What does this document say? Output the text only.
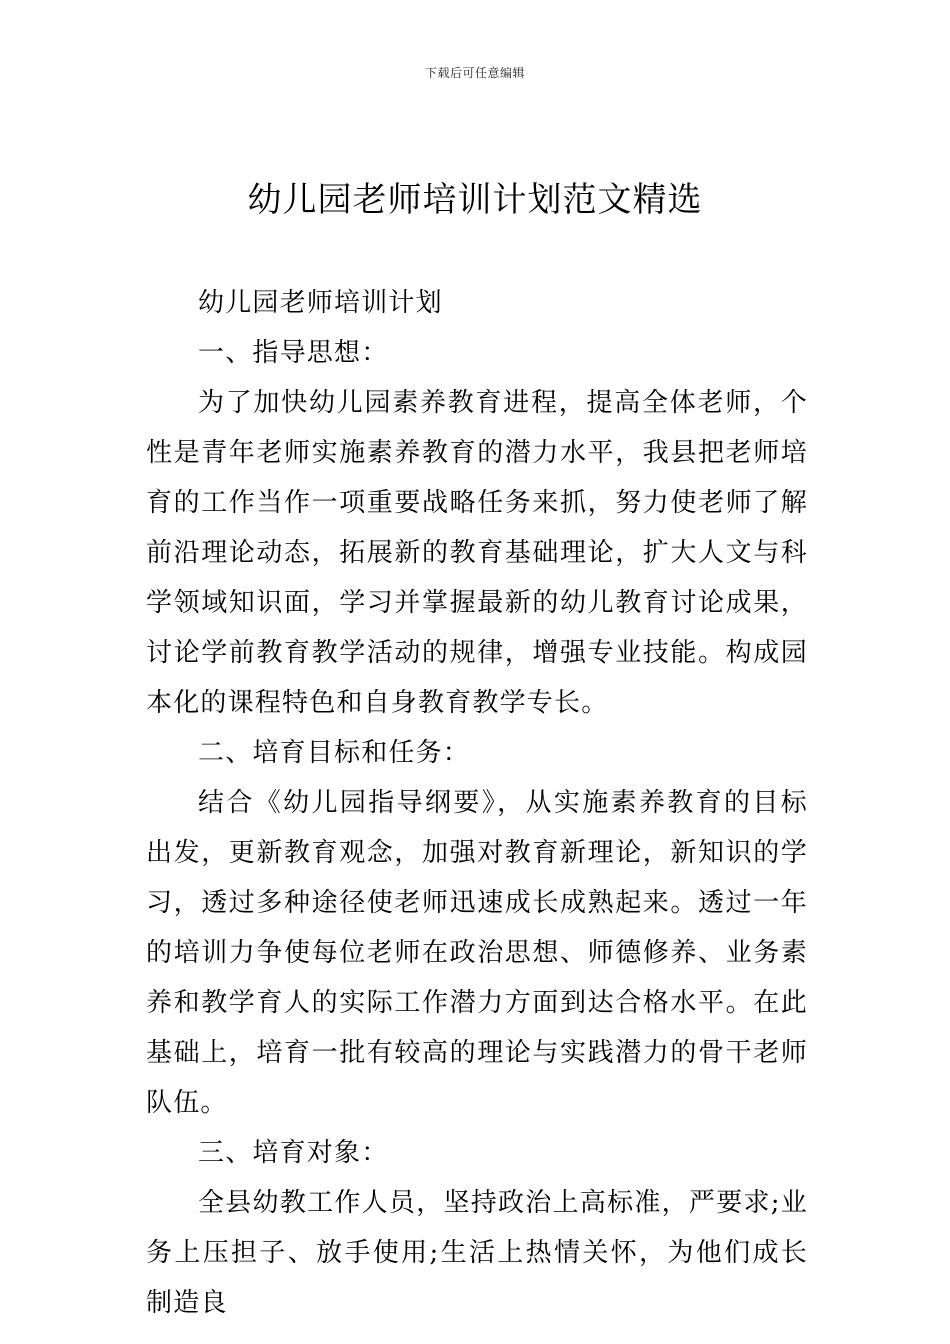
下载后可任意编辑
幼儿园老师培训计划范文精选

幼儿园老师培训计划

一、指导思想：

为了加快幼儿园素养教育进程，提高全体老师，个性是青年老师实施素养教育的潜力水平，我县把老师培育的工作当作一项重要战略任务来抓，努力使老师了解前沿理论动态，拓展新的教育基础理论，扩大人文与科学领域知识面，学习并掌握最新的幼儿教育讨论成果，讨论学前教育教学活动的规律，增强专业技能。构成园本化的课程特色和自身教育教学专长。

二、培育目标和任务：

结合《幼儿园指导纲要》，从实施素养教育的目标出发，更新教育观念，加强对教育新理论，新知识的学习，透过多种途径使老师迅速成长成熟起来。透过一年的培训力争使每位老师在政治思想、师德修养、业务素养和教学育人的实际工作潜力方面到达合格水平。在此基础上，培育一批有较高的理论与实践潜力的骨干老师队伍。

三、培育对象：

全县幼教工作人员，坚持政治上高标准，严要求;业务上压担子、放手使用;生活上热情关怀，为他们成长制造良
